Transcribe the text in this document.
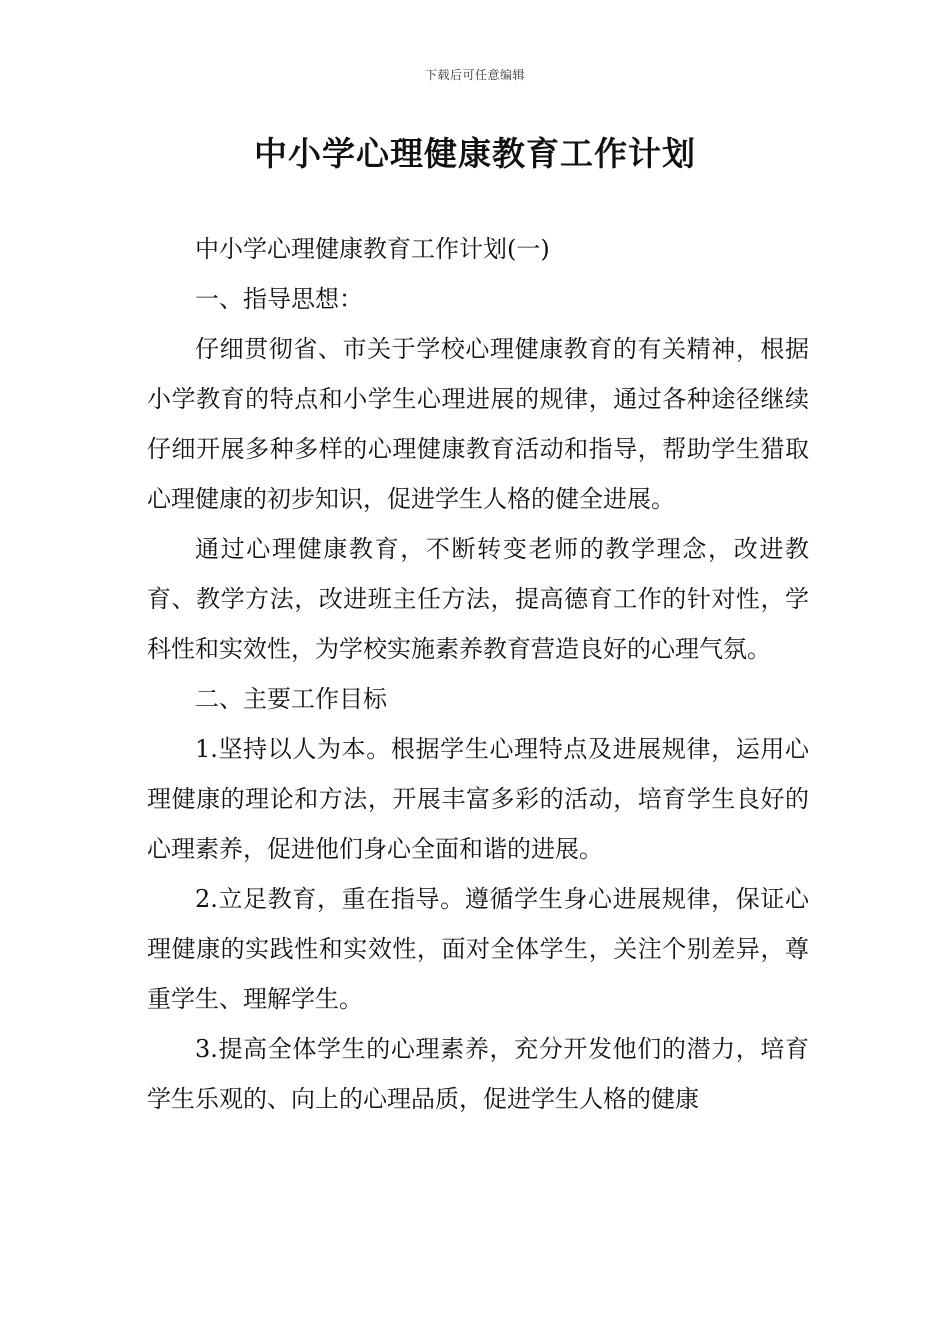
下载后可任意编辑
中小学心理健康教育工作计划

中小学心理健康教育工作计划(一)

一、指导思想：

仔细贯彻省、市关于学校心理健康教育的有关精神，根据小学教育的特点和小学生心理进展的规律，通过各种途径继续仔细开展多种多样的心理健康教育活动和指导，帮助学生猎取心理健康的初步知识，促进学生人格的健全进展。

通过心理健康教育，不断转变老师的教学理念，改进教育、教学方法，改进班主任方法，提高德育工作的针对性，学科性和实效性，为学校实施素养教育营造良好的心理气氛。

二、主要工作目标

1.坚持以人为本。根据学生心理特点及进展规律，运用心理健康的理论和方法，开展丰富多彩的活动，培育学生良好的心理素养，促进他们身心全面和谐的进展。

2.立足教育，重在指导。遵循学生身心进展规律，保证心理健康的实践性和实效性，面对全体学生，关注个别差异，尊重学生、理解学生。

3.提高全体学生的心理素养，充分开发他们的潜力，培育学生乐观的、向上的心理品质，促进学生人格的健康
